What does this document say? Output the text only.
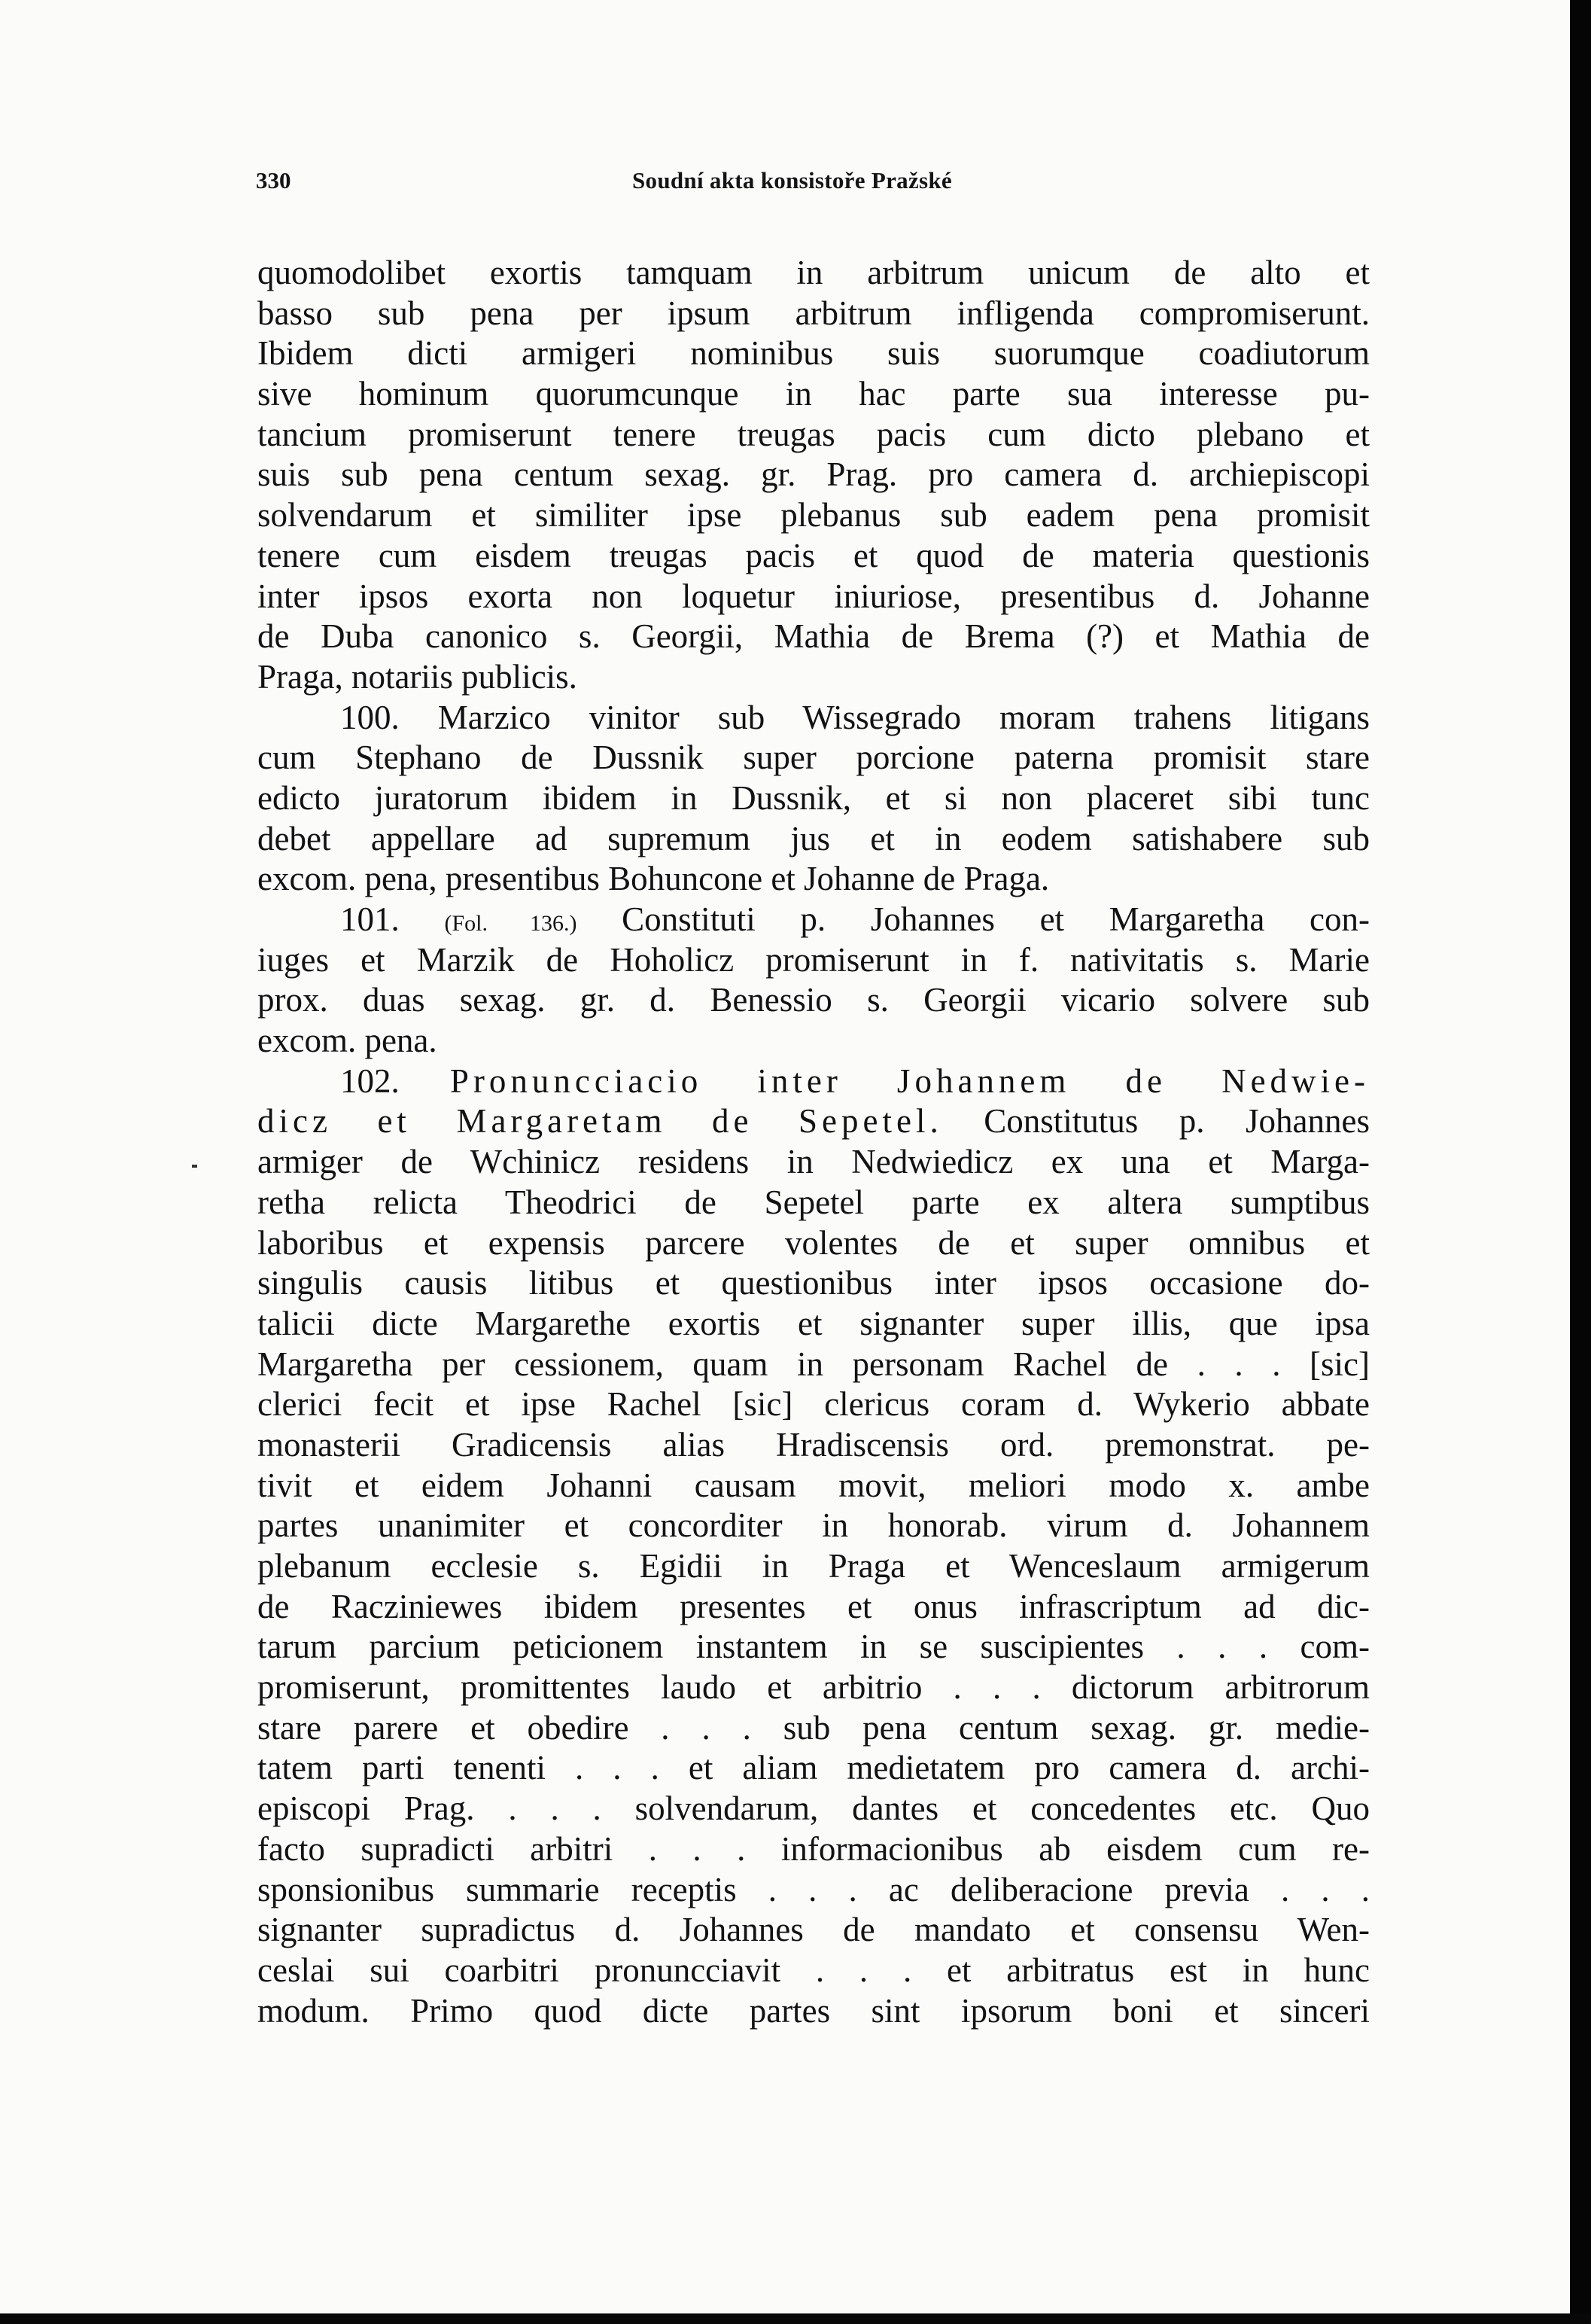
330	Soudní akta konsistoře Pražské
quomodolibet exortis tamquam in arbitrum unicum de alto et
basso sub pena per ipsum arbitrum infligenda compromiserunt.
Ibidem dicti armigeri nominibus suis suorumque coadiutorum
sive hominum quorumcunque in hac parte sua interesse pu-
tancium promiserunt tenere treugas pacis cum dicto plebano et
suis sub pena centum sexag. gr. Prag. pro camera d. archiepiscopi
solvendarum et similiter ipse plebanus sub eadem pena promisit
tenere cum eisdem treugas pacis et quod de materia questionis
inter ipsos exorta non loquetur iniuriose, presentibus d. Johanne
de Duba canonico s. Georgii, Mathia de Brema (?) et Mathia de
Praga, notariis publicis.
100. Marzico vinitor sub Wissegrado moram trahens litigans
cum Stephano de Dussnik super porcione paterna promisit stare
edicto juratorum ibidem in Dussnik, et si non placeret sibi tunc
debet appellare ad supremum jus et in eodem satishabere sub
excom. pena, presentibus Bohuncone et Johanne de Praga.
101. (Fol. 136.) Constituti p. Johannes et Margaretha con-
iuges et Marzik de Hoholicz promiserunt in f. nativitatis s. Marie
prox. duas sexag. gr. d. Benessio s. Georgii vicario solvere sub
excom. pena.
102. Pronuncciacio inter Johannem de Nedwie-
dicz et Margaretam de Sepetel. Constitutus p. Johannes
armiger de Wchinicz residens in Nedwiedicz ex una et Marga-
retha relicta Theodrici de Sepetel parte ex altera sumptibus
laboribus et expensis parcere volentes de et super omnibus et
singulis causis litibus et questionibus inter ipsos occasione do-
talicii dicte Margarethe exortis et signanter super illis, que ipsa
Margaretha per cessionem, quam in personam Rachel de . . . [sic]
clerici fecit et ipse Rachel [sic] clericus coram d. Wykerio abbate
monasterii Gradicensis alias Hradiscensis ord. premonstrat. pe-
tivit et eidem Johanni causam movit, meliori modo x. ambe
partes unanimiter et concorditer in honorab. virum d. Johannem
plebanum ecclesie s. Egidii in Praga et Wenceslaum armigerum
de Racziniewes ibidem presentes et onus infrascriptum ad dic-
tarum parcium peticionem instantem in se suscipientes . . . com-
promiserunt, promittentes laudo et arbitrio . . . dictorum arbitrorum
stare parere et obedire . . . sub pena centum sexag. gr. medie-
tatem parti tenenti . . . et aliam medietatem pro camera d. archi-
episcopi Prag. . . . solvendarum, dantes et concedentes etc. Quo
facto supradicti arbitri . . . informacionibus ab eisdem cum re-
sponsionibus summarie receptis . . . ac deliberacione previa . . .
signanter supradictus d. Johannes de mandato et consensu Wen-
ceslai sui coarbitri pronuncciavit . . . et arbitratus est in hunc
modum. Primo quod dicte partes sint ipsorum boni et sinceri
